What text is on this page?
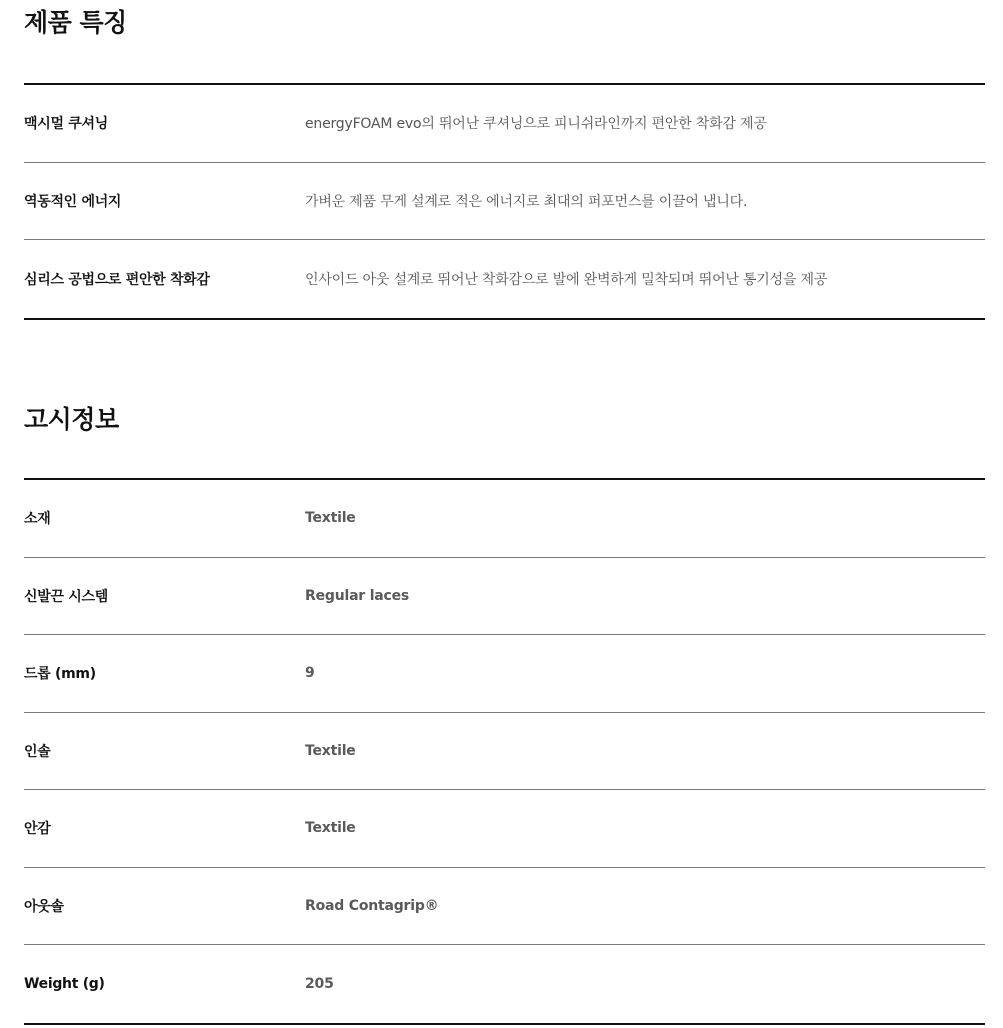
제품 특징
맥시멀 쿠셔닝	energyFOAM evo의 뛰어난 쿠셔닝으로 피니쉬라인까지 편안한 착화감 제공
역동적인 에너지	가벼운 제품 무게 설계로 적은 에너지로 최대의 퍼포먼스를 이끌어 냅니다.
심리스 공법으로 편안한 착화감	인사이드 아웃 설계로 뛰어난 착화감으로 발에 완벽하게 밀착되며 뛰어난 통기성을 제공
고시정보
소재	Textile
신발끈 시스템	Regular laces
드롭 (mm)	9
인솔	Textile
안감	Textile
아웃솔	Road Contagrip®
Weight (g)	205
